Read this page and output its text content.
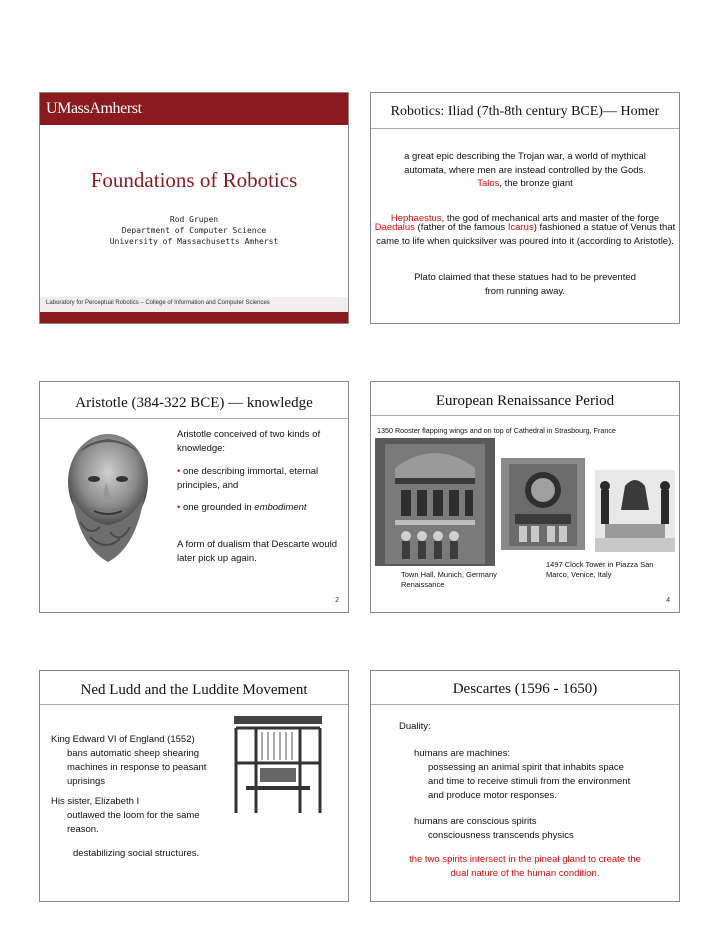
UMassAmherst
Foundations of Robotics
Rod Grupen
Department of Computer Science
University of Massachusetts Amherst
Laboratory for Perceptual Robotics – College of Information and Computer Sciences
Robotics: Iliad (7th-8th century BCE)— Homer
a great epic describing the Trojan war, a world of mythical automata, where men are instead controlled by the Gods.
Talos, the bronze giant
Hephaestus, the god of mechanical arts and master of the forge
Daedalus (father of the famous Icarus) fashioned a statue of Venus that came to life when quicksilver was poured into it (according to Aristotle).
Plato claimed that these statues had to be prevented from running away.
Aristotle (384-322 BCE) — knowledge
Aristotle conceived of two kinds of knowledge:
• one describing immortal, eternal principles, and
• one grounded in embodiment
A form of dualism that Descarte would later pick up again.
2
European Renaissance Period
1350 Rooster flapping wings and on top of Cathedral in Strasbourg, France
Town Hall, Munich, Germany
Renaissance
1497 Clock Tower in Piazza San
Marco, Venice, Italy
4
Ned Ludd and the Luddite Movement
King Edward VI of England (1552)
bans automatic sheep shearing
machines in response to peasant
uprisings
His sister, Elizabeth I
outlawed the loom for the same
reason.
destabilizing social structures.
Descartes (1596 - 1650)
Duality:
humans are machines:
possessing an animal spirit that inhabits space
and time to receive stimuli from the environment
and produce motor responses.
humans are conscious spirits
consciousness transcends physics
the two spirits intersect in the pineal gland to create the
dual nature of the human condition.
